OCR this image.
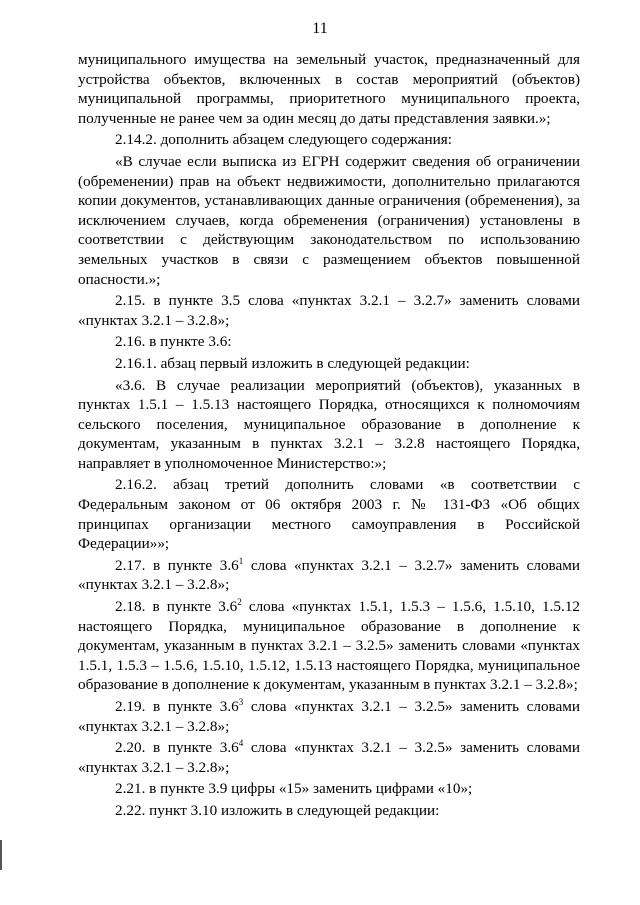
11

муниципального имущества на земельный участок, предназначенный для устройства объектов, включенных в состав мероприятий (объектов) муниципальной программы, приоритетного муниципального проекта, полученные не ранее чем за один месяц до даты представления заявки.»;

2.14.2. дополнить абзацем следующего содержания:

«В случае если выписка из ЕГРН содержит сведения об ограничении (обременении) прав на объект недвижимости, дополнительно прилагаются копии документов, устанавливающих данные ограничения (обременения), за исключением случаев, когда обременения (ограничения) установлены в соответствии с действующим законодательством по использованию земельных участков в связи с размещением объектов повышенной опасности.»;

2.15. в пункте 3.5 слова «пунктах 3.2.1 – 3.2.7» заменить словами «пунктах 3.2.1 – 3.2.8»;

2.16. в пункте 3.6:

2.16.1. абзац первый изложить в следующей редакции:

«3.6. В случае реализации мероприятий (объектов), указанных в пунктах 1.5.1 – 1.5.13 настоящего Порядка, относящихся к полномочиям сельского поселения, муниципальное образование в дополнение к документам, указанным в пунктах 3.2.1 – 3.2.8 настоящего Порядка, направляет в уполномоченное Министерство:»;

2.16.2. абзац третий дополнить словами «в соответствии с Федеральным законом от 06 октября 2003 г. № 131-ФЗ «Об общих принципах организации местного самоуправления в Российской Федерации»»;

2.17. в пункте $3.6^1$ слова «пунктах 3.2.1 – 3.2.7» заменить словами «пунктах 3.2.1 – 3.2.8»;

2.18. в пункте $3.6^2$ слова «пунктах 1.5.1, 1.5.3 – 1.5.6, 1.5.10, 1.5.12 настоящего Порядка, муниципальное образование в дополнение к документам, указанным в пунктах 3.2.1 – 3.2.5» заменить словами «пунктах 1.5.1, 1.5.3 – 1.5.6, 1.5.10, 1.5.12, 1.5.13 настоящего Порядка, муниципальное образование в дополнение к документам, указанным в пунктах 3.2.1 – 3.2.8»;

2.19. в пункте $3.6^3$ слова «пунктах 3.2.1 – 3.2.5» заменить словами «пунктах 3.2.1 – 3.2.8»;

2.20. в пункте $3.6^4$ слова «пунктах 3.2.1 – 3.2.5» заменить словами «пунктах 3.2.1 – 3.2.8»;

2.21. в пункте 3.9 цифры «15» заменить цифрами «10»;

2.22. пункт 3.10 изложить в следующей редакции:
